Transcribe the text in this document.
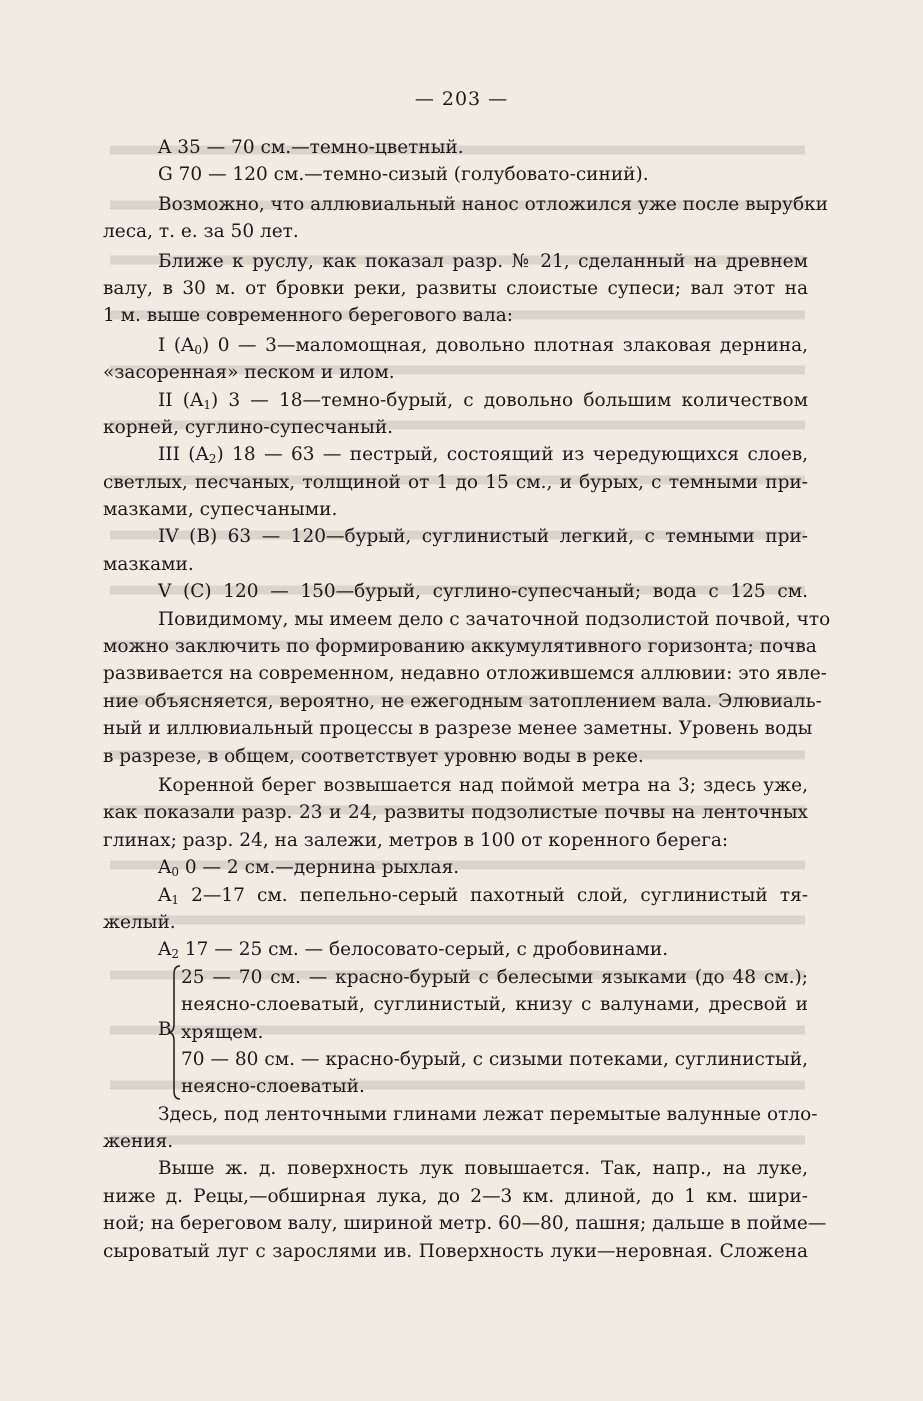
— 203 —
A 35 — 70 см.—темно-цветный.
G 70 — 120 см.—темно-сизый (голубовато-синий).
Возможно, что аллювиальный нанос отложился уже после вырубки
леса, т. е. за 50 лет.
Ближе к руслу, как показал разр. № 21, сделанный на древнем
валу, в 30 м. от бровки реки, развиты слоистые супеси; вал этот на
1 м. выше современного берегового вала:
I $(A_0)$ 0 — 3—маломощная, довольно плотная злаковая дернина,
«засоренная» песком и илом.
II $(A_1)$ 3 — 18—темно-бурый, с довольно большим количеством
корней, суглино-супесчаный.
III $(A_2)$ 18 — 63 — пестрый, состоящий из чередующихся слоев,
светлых, песчаных, толщиной от 1 до 15 см., и бурых, с темными при-
мазками, супесчаными.
IV (B) 63 — 120—бурый, суглинистый легкий, с темными при-
мазками.
V (C) 120 — 150—бурый, суглино-супесчаный; вода с 125 см.
Повидимому, мы имеем дело с зачаточной подзолистой почвой, что
можно заключить по формированию аккумулятивного горизонта; почва
развивается на современном, недавно отложившемся аллювии: это явле-
ние объясняется, вероятно, не ежегодным затоплением вала. Элювиаль-
ный и иллювиальный процессы в разрезе менее заметны. Уровень воды
в разрезе, в общем, соответствует уровню воды в реке.
Коренной берег возвышается над поймой метра на 3; здесь уже,
как показали разр. 23 и 24, развиты подзолистые почвы на ленточных
глинах; разр. 24, на залежи, метров в 100 от коренного берега:
$A_0$ 0 — 2 см.—дернина рыхлая.
$A_1$ 2—17 см. пепельно-серый пахотный слой, суглинистый тя-
желый.
$A_2$ 17 — 25 см. — белосовато-серый, с дробовинами.
B
25 — 70 см. — красно-бурый с белесыми языками (до 48 см.);
неясно-слоеватый, суглинистый, книзу с валунами, дресвой и
хрящем.
70 — 80 см. — красно-бурый, с сизыми потеками, суглинистый,
неясно-слоеватый.
Здесь, под ленточными глинами лежат перемытые валунные отло-
жения.
Выше ж. д. поверхность лук повышается. Так, напр., на луке,
ниже д. Рецы,—обширная лука, до 2—3 км. длиной, до 1 км. шири-
ной; на береговом валу, шириной метр. 60—80, пашня; дальше в пойме—
сыроватый луг с зарослями ив. Поверхность луки—неровная. Сложена
